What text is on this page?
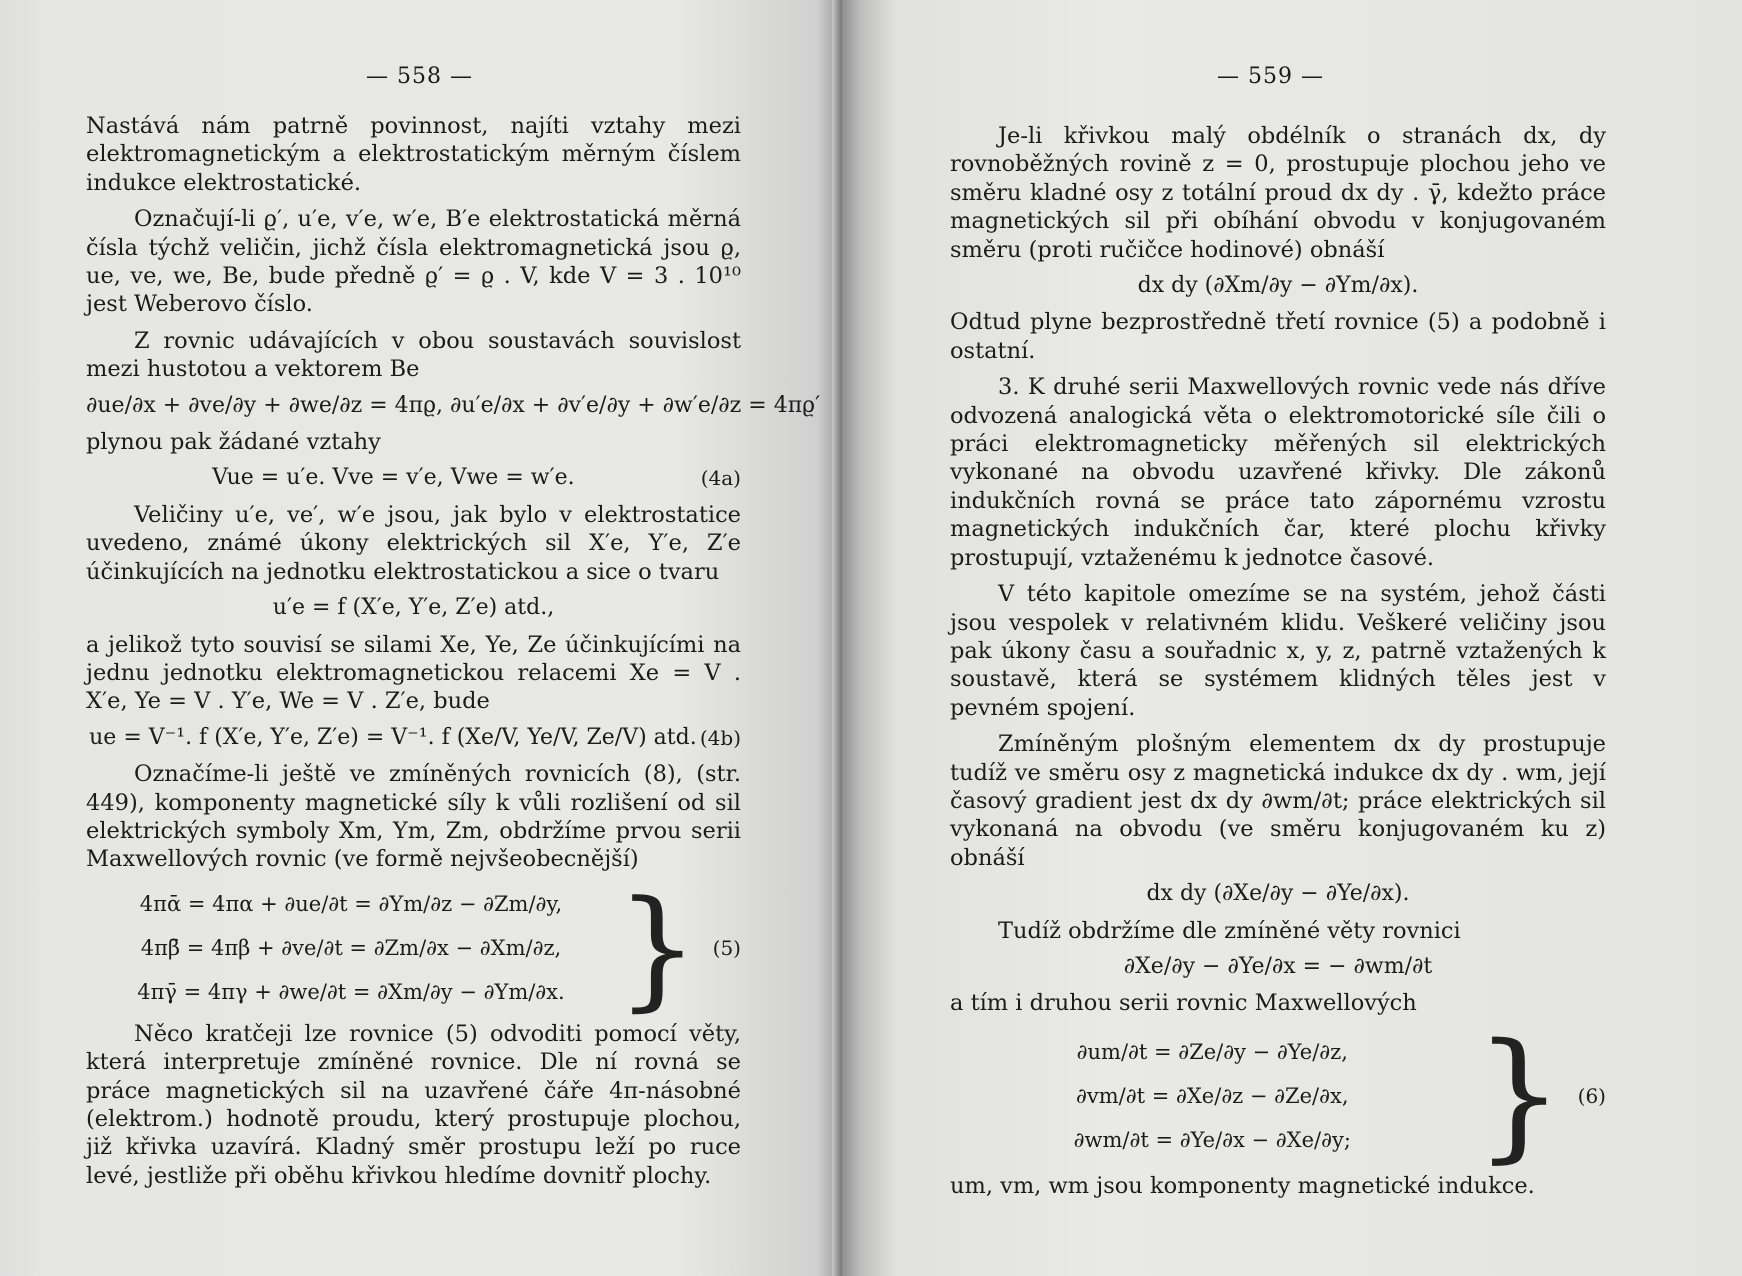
— 558 —

Nastává nám patrně povinnost, najíti vztahy mezi elektromagnetickým a elektrostatickým měrným číslem indukce elektrostatické.

Označují-li ϱ′, u′e, v′e, w′e, B′e elektrostatická měrná čísla týchž veličin, jichž čísla elektromagnetická jsou ϱ, ue, ve, we, Be, bude předně ϱ′ = ϱ . V, kde V = 3 . 10¹⁰ jest Weberovo číslo.

Z rovnic udávajících v obou soustavách souvislost mezi hustotou a vektorem Be

∂ue/∂x + ∂ve/∂y + ∂we/∂z = 4πϱ, ∂u′e/∂x + ∂v′e/∂y + ∂w′e/∂z = 4πϱ′

plynou pak žádané vztahy

Vue = u′e. Vve = v′e, Vwe = w′e.	(4a)

Veličiny u′e, ve′, w′e jsou, jak bylo v elektrostatice uvedeno, známé úkony elektrických sil X′e, Y′e, Z′e účinkujících na jednotku elektrostatickou a sice o tvaru

u′e = f (X′e, Y′e, Z′e) atd.,

a jelikož tyto souvisí se silami Xe, Ye, Ze účinkujícími na jednu jednotku elektromagnetickou relacemi Xe = V . X′e, Ye = V . Y′e, We = V . Z′e, bude

ue = V⁻¹. f (X′e, Y′e, Z′e) = V⁻¹. f (Xe/V, Ye/V, Ze/V) atd. (4b)

Označíme-li ještě ve zmíněných rovnicích (8), (str. 449), komponenty magnetické síly k vůli rozlišení od sil elektrických symboly Xm, Ym, Zm, obdržíme prvou serii Maxwellových rovnic (ve formě nejvšeobecnější)

4πᾱ = 4πα + ∂ue/∂t = ∂Ym/∂z − ∂Zm/∂y,
4πβ̄ = 4πβ + ∂ve/∂t = ∂Zm/∂x − ∂Xm/∂z,
4πγ̄ = 4πγ + ∂we/∂t = ∂Xm/∂y − ∂Ym/∂x. } (5)

Něco kratčeji lze rovnice (5) odvoditi pomocí věty, která interpretuje zmíněné rovnice. Dle ní rovná se práce magnetických sil na uzavřené čáře 4π-násobné (elektrom.) hodnotě proudu, který prostupuje plochou, již křivka uzavírá. Kladný směr prostupu leží po ruce levé, jestliže při oběhu křivkou hledíme dovnitř plochy.

— 559 —

Je-li křivkou malý obdélník o stranách dx, dy rovnoběžných rovině z = 0, prostupuje plochou jeho ve směru kladné osy z totální proud dx dy . γ̄, kdežto práce magnetických sil při obíhání obvodu v konjugovaném směru (proti ručičce hodinové) obnáší

dx dy (∂Xm/∂y − ∂Ym/∂x).

Odtud plyne bezprostředně třetí rovnice (5) a podobně i ostatní.

3. K druhé serii Maxwellových rovnic vede nás dříve odvozená analogická věta o elektromotorické síle čili o práci elektromagneticky měřených sil elektrických vykonané na obvodu uzavřené křivky. Dle zákonů indukčních rovná se práce tato zápornému vzrostu magnetických indukčních čar, které plochu křivky prostupují, vztaženému k jednotce časové.

V této kapitole omezíme se na systém, jehož části jsou vespolek v relativném klidu. Veškeré veličiny jsou pak úkony času a souřadnic x, y, z, patrně vztažených k soustavě, která se systémem klidných těles jest v pevném spojení.

Zmíněným plošným elementem dx dy prostupuje tudíž ve směru osy z magnetická indukce dx dy . wm, její časový gradient jest dx dy ∂wm/∂t; práce elektrických sil vykonaná na obvodu (ve směru konjugovaném ku z) obnáší

dx dy (∂Xe/∂y − ∂Ye/∂x).

Tudíž obdržíme dle zmíněné věty rovnici

∂Xe/∂y − ∂Ye/∂x = − ∂wm/∂t

a tím i druhou serii rovnic Maxwellových

∂um/∂t = ∂Ze/∂y − ∂Ye/∂z,
∂vm/∂t = ∂Xe/∂z − ∂Ze/∂x,
∂wm/∂t = ∂Ye/∂x − ∂Xe/∂y; } (6)

um, vm, wm jsou komponenty magnetické indukce.
